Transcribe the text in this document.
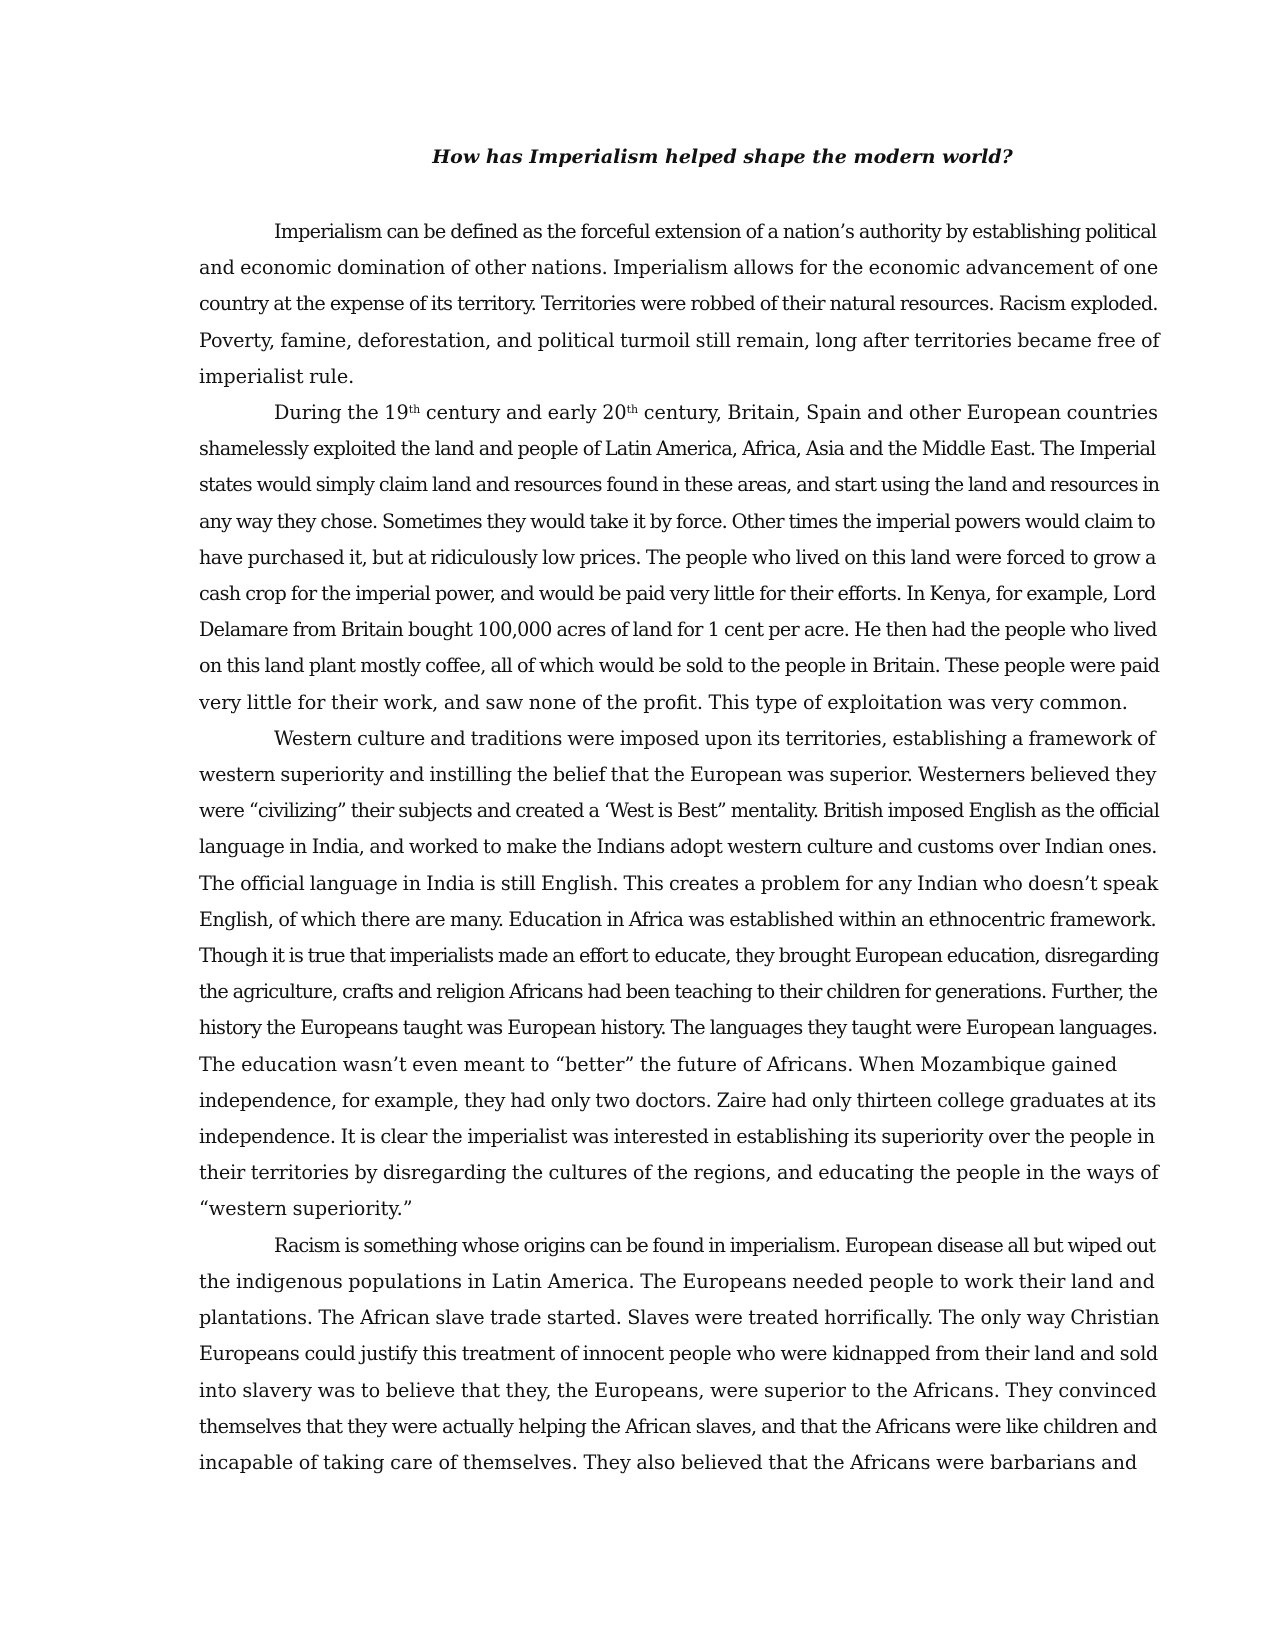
How has Imperialism helped shape the modern world?
Imperialism can be defined as the forceful extension of a nation’s authority by establishing political
and economic domination of other nations. Imperialism allows for the economic advancement of one
country at the expense of its territory. Territories were robbed of their natural resources. Racism exploded.
Poverty, famine, deforestation, and political turmoil still remain, long after territories became free of
imperialist rule.
During the 19th century and early 20th century, Britain, Spain and other European countries
shamelessly exploited the land and people of Latin America, Africa, Asia and the Middle East. The Imperial
states would simply claim land and resources found in these areas, and start using the land and resources in
any way they chose. Sometimes they would take it by force. Other times the imperial powers would claim to
have purchased it, but at ridiculously low prices. The people who lived on this land were forced to grow a
cash crop for the imperial power, and would be paid very little for their efforts. In Kenya, for example, Lord
Delamare from Britain bought 100,000 acres of land for 1 cent per acre. He then had the people who lived
on this land plant mostly coffee, all of which would be sold to the people in Britain. These people were paid
very little for their work, and saw none of the profit. This type of exploitation was very common.
Western culture and traditions were imposed upon its territories, establishing a framework of
western superiority and instilling the belief that the European was superior. Westerners believed they
were “civilizing” their subjects and created a ‘West is Best” mentality. British imposed English as the official
language in India, and worked to make the Indians adopt western culture and customs over Indian ones.
The official language in India is still English. This creates a problem for any Indian who doesn’t speak
English, of which there are many. Education in Africa was established within an ethnocentric framework.
Though it is true that imperialists made an effort to educate, they brought European education, disregarding
the agriculture, crafts and religion Africans had been teaching to their children for generations. Further, the
history the Europeans taught was European history. The languages they taught were European languages.
The education wasn’t even meant to “better” the future of Africans. When Mozambique gained
independence, for example, they had only two doctors. Zaire had only thirteen college graduates at its
independence. It is clear the imperialist was interested in establishing its superiority over the people in
their territories by disregarding the cultures of the regions, and educating the people in the ways of
“western superiority.”
Racism is something whose origins can be found in imperialism. European disease all but wiped out
the indigenous populations in Latin America. The Europeans needed people to work their land and
plantations. The African slave trade started. Slaves were treated horrifically. The only way Christian
Europeans could justify this treatment of innocent people who were kidnapped from their land and sold
into slavery was to believe that they, the Europeans, were superior to the Africans. They convinced
themselves that they were actually helping the African slaves, and that the Africans were like children and
incapable of taking care of themselves. They also believed that the Africans were barbarians and
